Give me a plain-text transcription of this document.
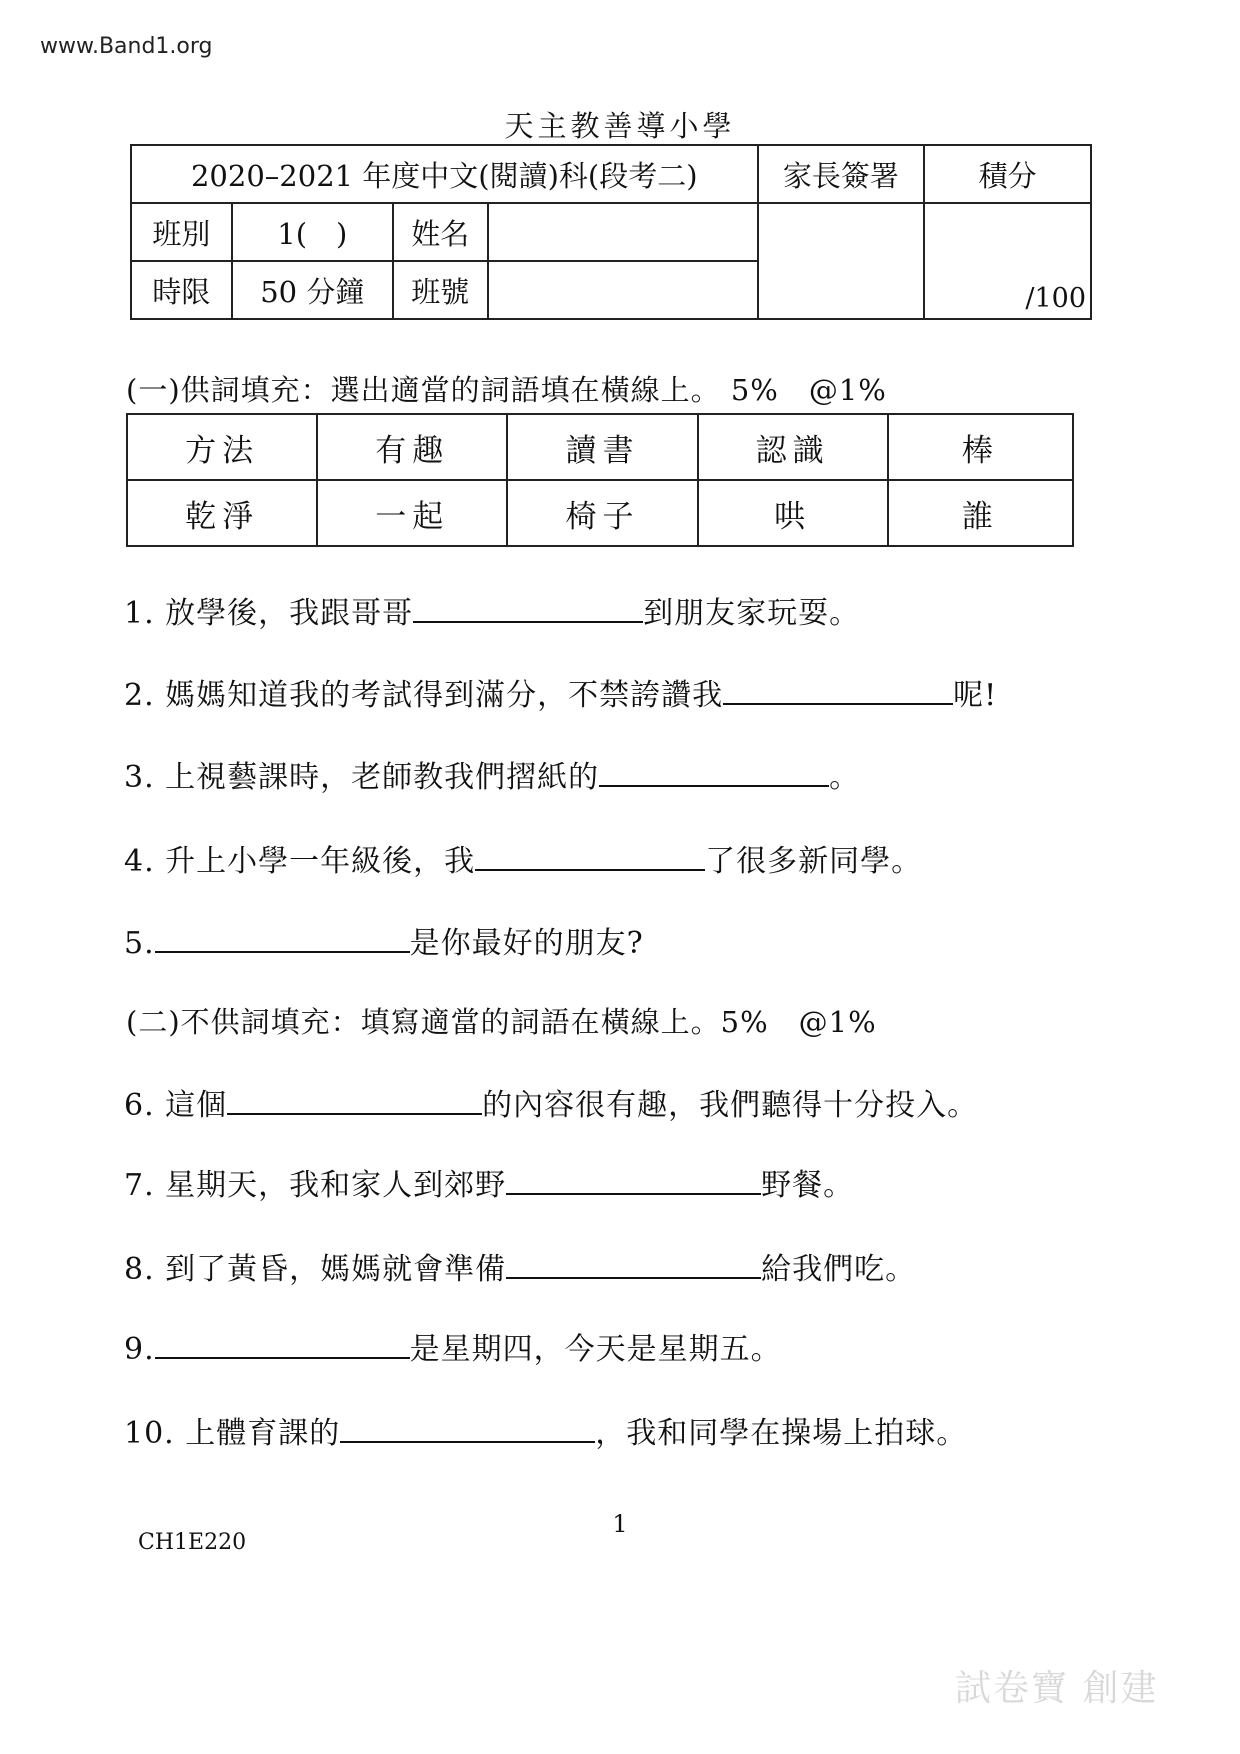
www.Band1.org
天主教善導小學
2020–2021 年度中文(閱讀)科(段考二)				家長簽署	積分
班別	1(　)	姓名			/100

時限	50 分鐘	班號			
(一)供詞填充：選出適當的詞語填在橫線上。 5%　@1%
方法	有趣	讀書	認識	棒
乾淨	一起	椅子	哄	誰
1. 放學後，我跟哥哥	到朋友家玩耍。
2. 媽媽知道我的考試得到滿分，不禁誇讚我	呢!
3. 上視藝課時，老師教我們摺紙的	。
4. 升上小學一年級後，我	了很多新同學。
5.	是你最好的朋友?
(二)不供詞填充：填寫適當的詞語在橫線上。5%　@1%
6. 這個	的內容很有趣，我們聽得十分投入。
7. 星期天，我和家人到郊野	野餐。
8. 到了黃昏，媽媽就會準備	給我們吃。
9.	是星期四，今天是星期五。
10. 上體育課的	，我和同學在操場上拍球。
1
CH1E220
試卷寶 創建
